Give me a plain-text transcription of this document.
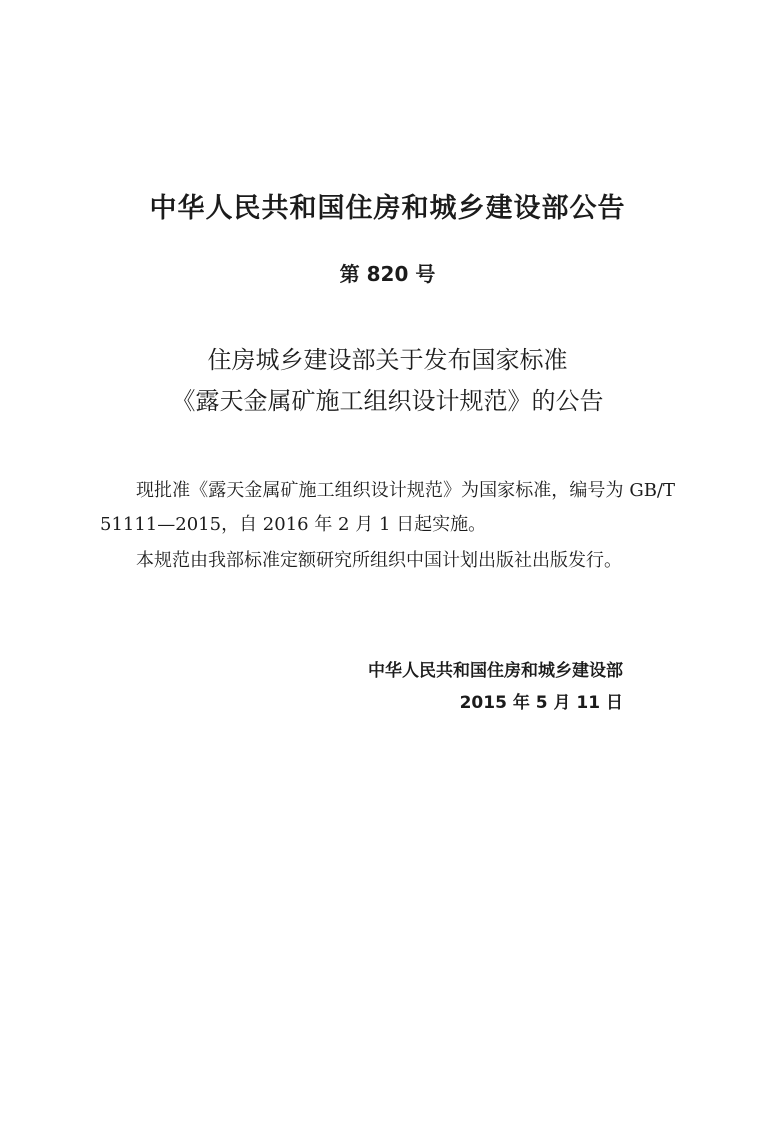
中华人民共和国住房和城乡建设部公告

第 820 号

住房城乡建设部关于发布国家标准

《露天金属矿施工组织设计规范》的公告

现批准《露天金属矿施工组织设计规范》为国家标准，编号为 GB/T 51111—2015，自 2016 年 2 月 1 日起实施。

本规范由我部标准定额研究所组织中国计划出版社出版发行。

中华人民共和国住房和城乡建设部

2015 年 5 月 11 日
